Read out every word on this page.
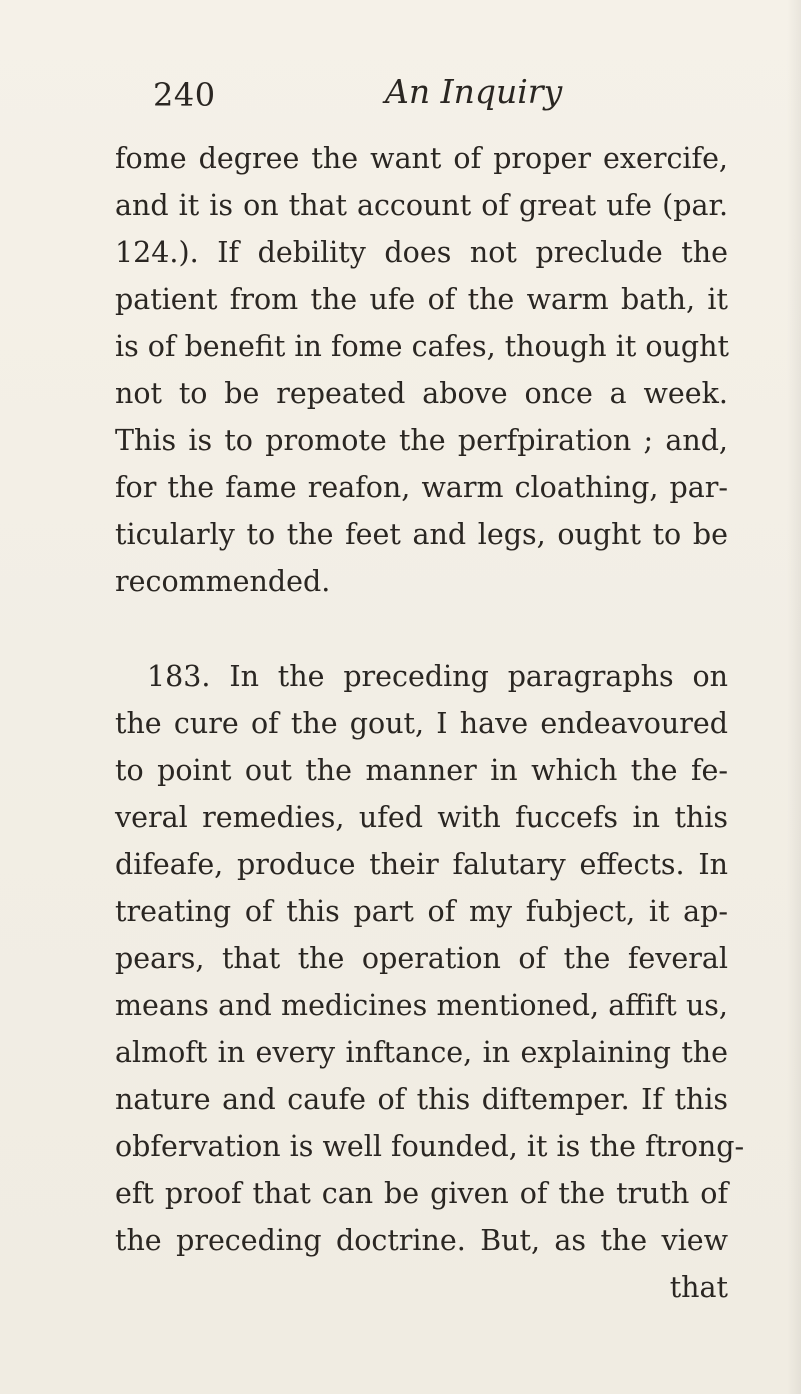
240	An Inquiry
fome degree the want of proper exercife,
and it is on that account of great ufe (par.
124.). If debility does not preclude the
patient from the ufe of the warm bath, it
is of benefit in fome cafes, though it ought
not to be repeated above once a week.
This is to promote the perfpiration ; and,
for the fame reafon, warm cloathing, par-
ticularly to the feet and legs, ought to be
recommended.
183. In the preceding paragraphs on
the cure of the gout, I have endeavoured
to point out the manner in which the fe-
veral remedies, ufed with fuccefs in this
difeafe, produce their falutary effects. In
treating of this part of my fubject, it ap-
pears, that the operation of the feveral
means and medicines mentioned, affift us,
almoft in every inftance, in explaining the
nature and caufe of this diftemper. If this
obfervation is well founded, it is the ftrong-
eft proof that can be given of the truth of
the preceding doctrine. But, as the view
that
